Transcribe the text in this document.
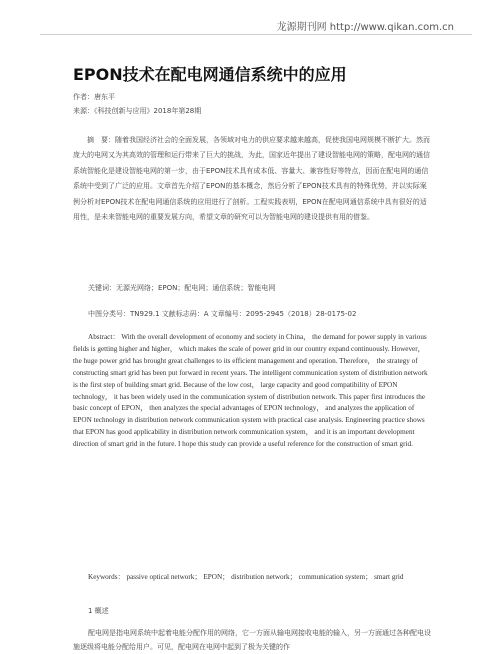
龙源期刊网 http://www.qikan.com.cn
EPON技术在配电网通信系统中的应用
作者：唐东平
来源：《科技创新与应用》2018年第28期
摘　要：随着我国经济社会的全面发展，各领域对电力的供应要求越来越高，促使我国电网规模不断扩大。然而庞大的电网又为其高效的管理和运行带来了巨大的挑战，为此，国家近年提出了建设智能电网的策略，配电网的通信系统智能化是建设智能电网的第一步，由于EPON技术具有成本低、容量大、兼容性好等特点，因而在配电网的通信系统中受到了广泛的应用。文章首先介绍了EPON的基本概念，然后分析了EPON技术具有的特殊优势，并以实际案例分析对EPON技术在配电网通信系统的应用进行了剖析。工程实践表明，EPON在配电网通信系统中具有很好的适用性，是未来智能电网的重要发展方向，希望文章的研究可以为智能电网的建设提供有用的借鉴。
关键词：无源光网络；EPON；配电网；通信系统；智能电网
中图分类号：TN929.1 文献标志码：A 文章编号：2095-2945（2018）28-0175-02

Abstract： With the overall development of economy and society in China， the demand for power supply in various fields is getting higher and higher， which makes the scale of power grid in our country expand continuously. However， the huge power grid has brought great challenges to its efficient management and operation. Therefore， the strategy of constructing smart grid has been put forward in recent years. The intelligent communication system of distribution network is the first step of building smart grid. Because of the low cost， large capacity and good compatibility of EPON technology， it has been widely used in the communication system of distribution network. This paper first introduces the basic concept of EPON， then analyzes the special advantages of EPON technology， and analyzes the application of EPON technology in distribution network communication system with practical case analysis. Engineering practice shows that EPON has good applicability in distribution network communication system， and it is an important development direction of smart grid in the future. I hope this study can provide a useful reference for the construction of smart grid.

Keywords： passive optical network； EPON； distribution network； communication system； smart grid

1 概述

配电网是指电网系统中起着电能分配作用的网络，它一方面从输电网接收电能的输入，另一方面通过各种配电设施逐级将电能分配给用户。可见，配电网在电网中起到了极为关键的作
